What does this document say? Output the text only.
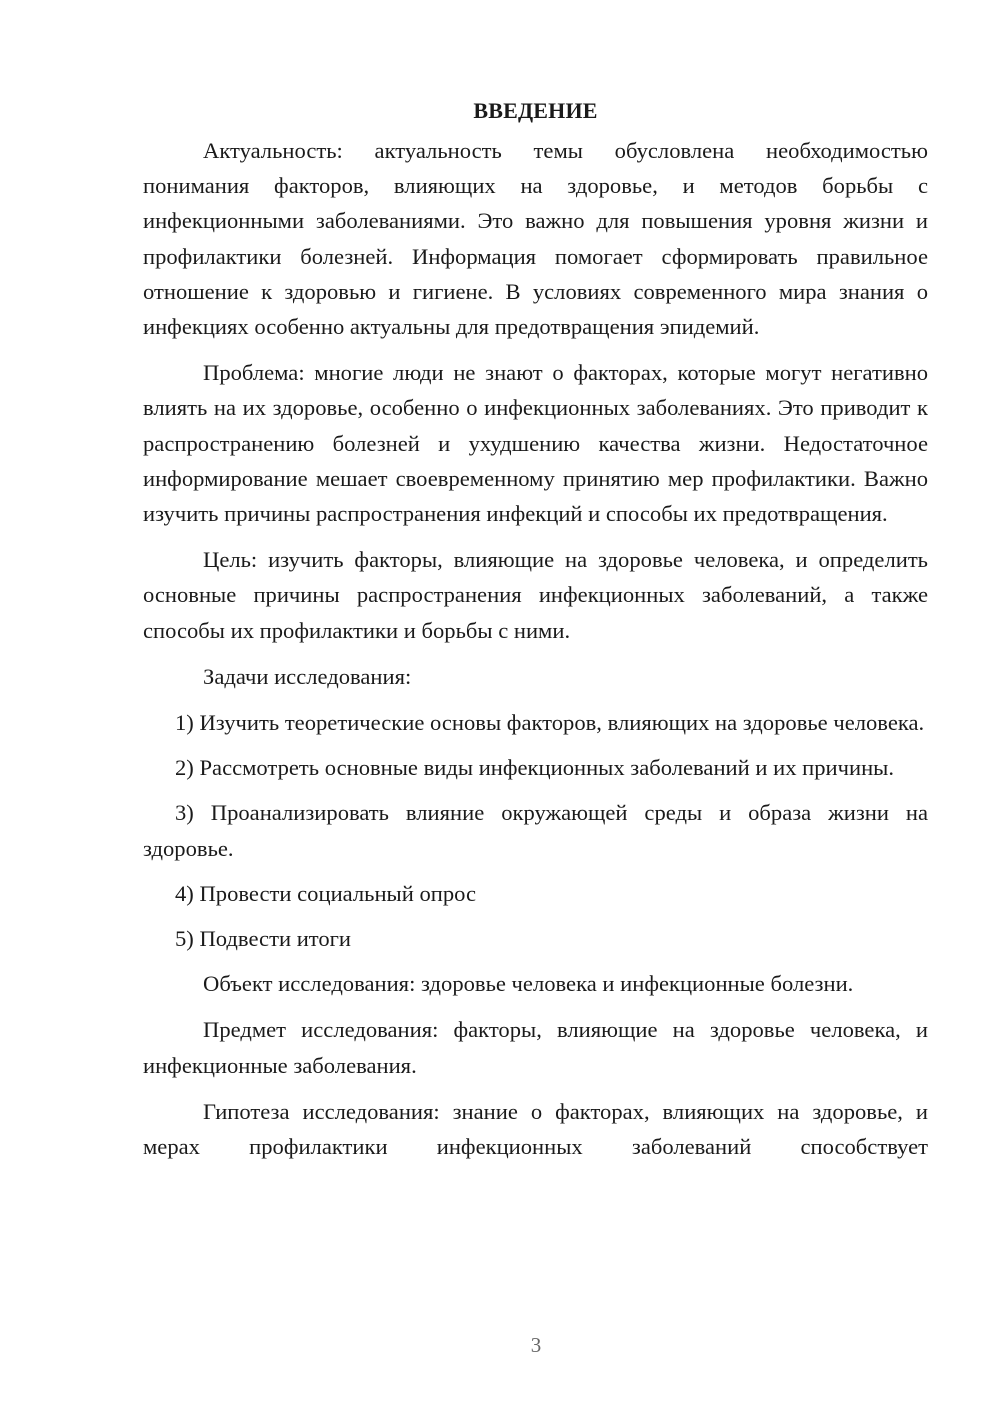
ВВЕДЕНИЕ

Актуальность: актуальность темы обусловлена необходимостью понимания факторов, влияющих на здоровье, и методов борьбы с инфекционными заболеваниями. Это важно для повышения уровня жизни и профилактики болезней. Информация помогает сформировать правильное отношение к здоровью и гигиене. В условиях современного мира знания о инфекциях особенно актуальны для предотвращения эпидемий.

Проблема: многие люди не знают о факторах, которые могут негативно влиять на их здоровье, особенно о инфекционных заболеваниях. Это приводит к распространению болезней и ухудшению качества жизни. Недостаточное информирование мешает своевременному принятию мер профилактики. Важно изучить причины распространения инфекций и способы их предотвращения.

Цель: изучить факторы, влияющие на здоровье человека, и определить основные причины распространения инфекционных заболеваний, а также способы их профилактики и борьбы с ними.

Задачи исследования:

1) Изучить теоретические основы факторов, влияющих на здоровье человека.

2) Рассмотреть основные виды инфекционных заболеваний и их причины.

3) Проанализировать влияние окружающей среды и образа жизни на здоровье.

4) Провести социальный опрос

5) Подвести итоги

Объект исследования: здоровье человека и инфекционные болезни.

Предмет исследования: факторы, влияющие на здоровье человека, и инфекционные заболевания.

Гипотеза исследования: знание о факторах, влияющих на здоровье, и мерах профилактики инфекционных заболеваний способствует

3
